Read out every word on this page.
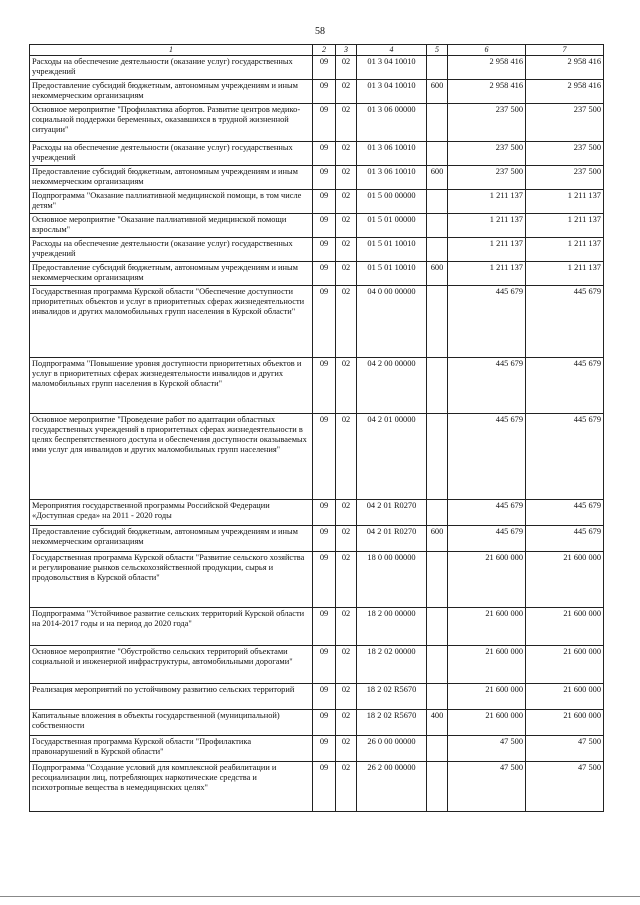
58
1	2	3	4	5	6	7
Расходы на обеспечение деятельности (оказание услуг) государственных учреждений	09	02	01 3 04 10010		2 958 416	2 958 416
Предоставление субсидий бюджетным, автономным учреждениям и иным некоммерческим организациям	09	02	01 3 04 10010	600	2 958 416	2 958 416
Основное мероприятие "Профилактика абортов. Развитие центров медико-социальной поддержки беременных, оказавшихся в трудной жизненной ситуации"	09	02	01 3 06 00000		237 500	237 500
Расходы на обеспечение деятельности (оказание услуг) государственных учреждений	09	02	01 3 06 10010		237 500	237 500
Предоставление субсидий бюджетным, автономным учреждениям и иным некоммерческим организациям	09	02	01 3 06 10010	600	237 500	237 500
Подпрограмма "Оказание паллиативной медицинской помощи, в том числе детям"	09	02	01 5 00 00000		1 211 137	1 211 137
Основное мероприятие "Оказание паллиативной медицинской помощи взрослым"	09	02	01 5 01 00000		1 211 137	1 211 137
Расходы на обеспечение деятельности (оказание услуг) государственных учреждений	09	02	01 5 01 10010		1 211 137	1 211 137
Предоставление субсидий бюджетным, автономным учреждениям и иным некоммерческим организациям	09	02	01 5 01 10010	600	1 211 137	1 211 137
Государственная программа Курской области "Обеспечение доступности приоритетных объектов и услуг в приоритетных сферах жизнедеятельности инвалидов и других маломобильных групп населения в Курской области"	09	02	04 0 00 00000		445 679	445 679
Подпрограмма "Повышение уровня доступности приоритетных объектов и услуг в приоритетных сферах жизнедеятельности инвалидов и других маломобильных групп населения в Курской области"	09	02	04 2 00 00000		445 679	445 679
Основное мероприятие "Проведение работ по адаптации областных государственных учреждений в приоритетных сферах жизнедеятельности в целях беспрепятственного доступа и обеспечения доступности оказываемых ими услуг для инвалидов и других маломобильных групп населения"	09	02	04 2 01 00000		445 679	445 679
Мероприятия государственной программы Российской Федерации «Доступная среда» на 2011 - 2020 годы	09	02	04 2 01 R0270		445 679	445 679
Предоставление субсидий бюджетным, автономным учреждениям и иным некоммерческим организациям	09	02	04 2 01 R0270	600	445 679	445 679
Государственная программа Курской области "Развитие сельского хозяйства и регулирование рынков сельскохозяйственной продукции, сырья и продовольствия в Курской области"	09	02	18 0 00 00000		21 600 000	21 600 000
Подпрограмма "Устойчивое развитие сельских территорий Курской области на 2014-2017 годы и на период до 2020 года"	09	02	18 2 00 00000		21 600 000	21 600 000
Основное мероприятие "Обустройство сельских территорий объектами социальной и инженерной инфраструктуры, автомобильными дорогами"	09	02	18 2 02 00000		21 600 000	21 600 000
Реализация мероприятий по устойчивому развитию сельских территорий	09	02	18 2 02 R5670		21 600 000	21 600 000
Капитальные вложения в объекты государственной (муниципальной) собственности	09	02	18 2 02 R5670	400	21 600 000	21 600 000
Государственная программа Курской области "Профилактика правонарушений в Курской области"	09	02	26 0 00 00000		47 500	47 500
Подпрограмма "Создание условий для комплексной реабилитации и ресоциализации лиц, потребляющих наркотические средства и психотропные вещества в немедицинских целях"	09	02	26 2 00 00000		47 500	47 500
